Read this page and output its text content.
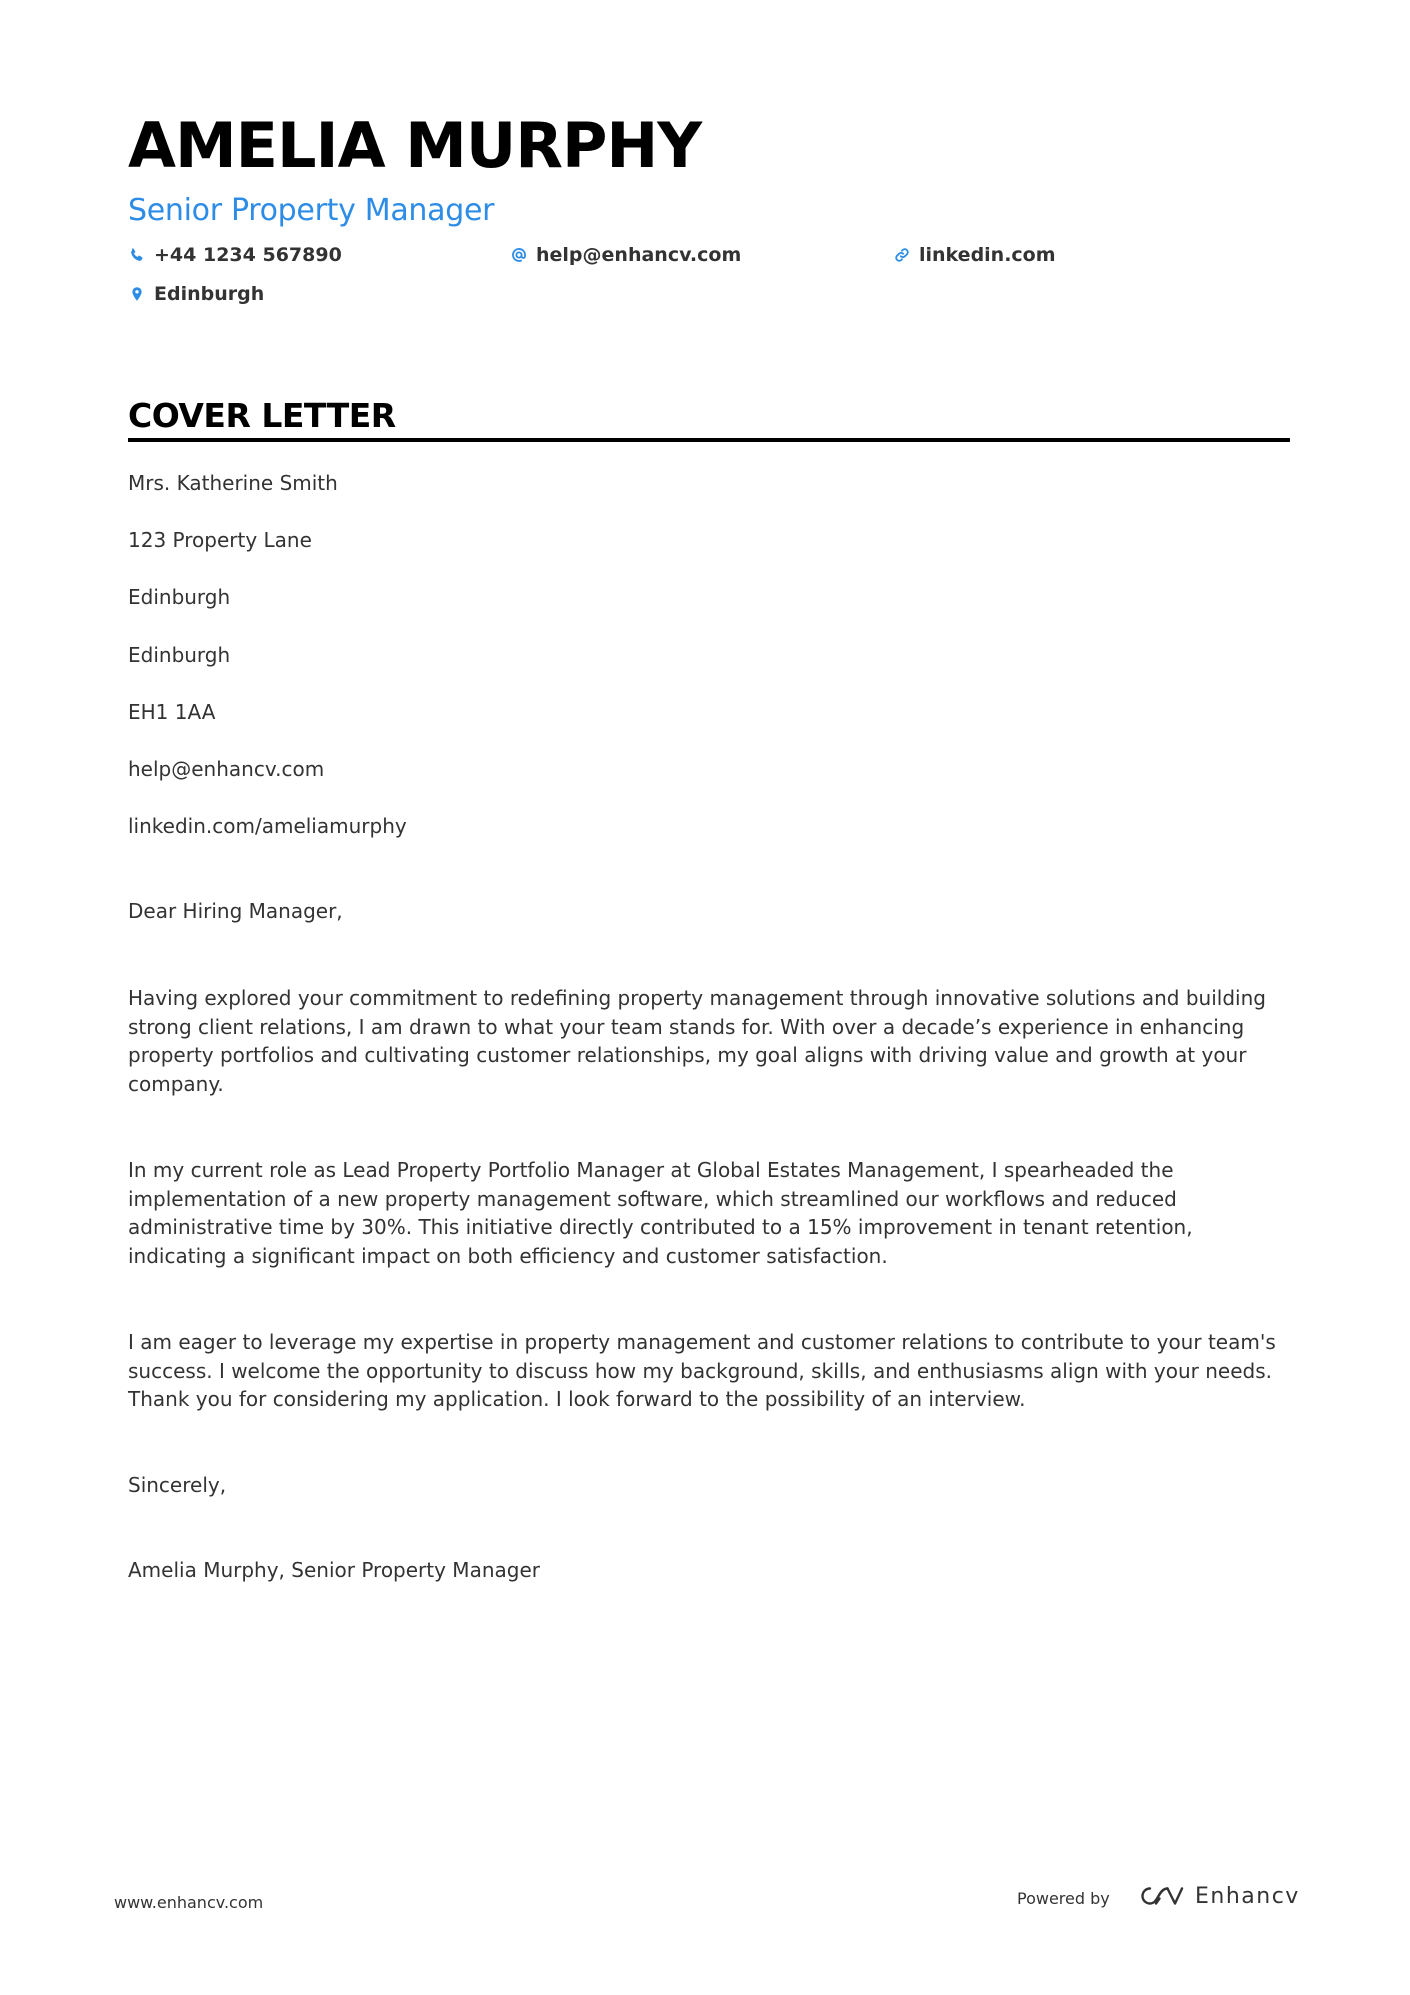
AMELIA MURPHY
Senior Property Manager
+44 1234 567890	help@enhancv.com	linkedin.com
Edinburgh
COVER LETTER
Mrs. Katherine Smith
123 Property Lane
Edinburgh
Edinburgh
EH1 1AA
help@enhancv.com
linkedin.com/ameliamurphy

Dear Hiring Manager,

Having explored your commitment to redefining property management through innovative solutions and building strong client relations, I am drawn to what your team stands for. With over a decade’s experience in enhancing property portfolios and cultivating customer relationships, my goal aligns with driving value and growth at your company.

In my current role as Lead Property Portfolio Manager at Global Estates Management, I spearheaded the implementation of a new property management software, which streamlined our workflows and reduced administrative time by 30%. This initiative directly contributed to a 15% improvement in tenant retention, indicating a significant impact on both efficiency and customer satisfaction.

I am eager to leverage my expertise in property management and customer relations to contribute to your team's success. I welcome the opportunity to discuss how my background, skills, and enthusiasms align with your needs. Thank you for considering my application. I look forward to the possibility of an interview.

Sincerely,

Amelia Murphy, Senior Property Manager

www.enhancv.com	Powered by	Enhancv
